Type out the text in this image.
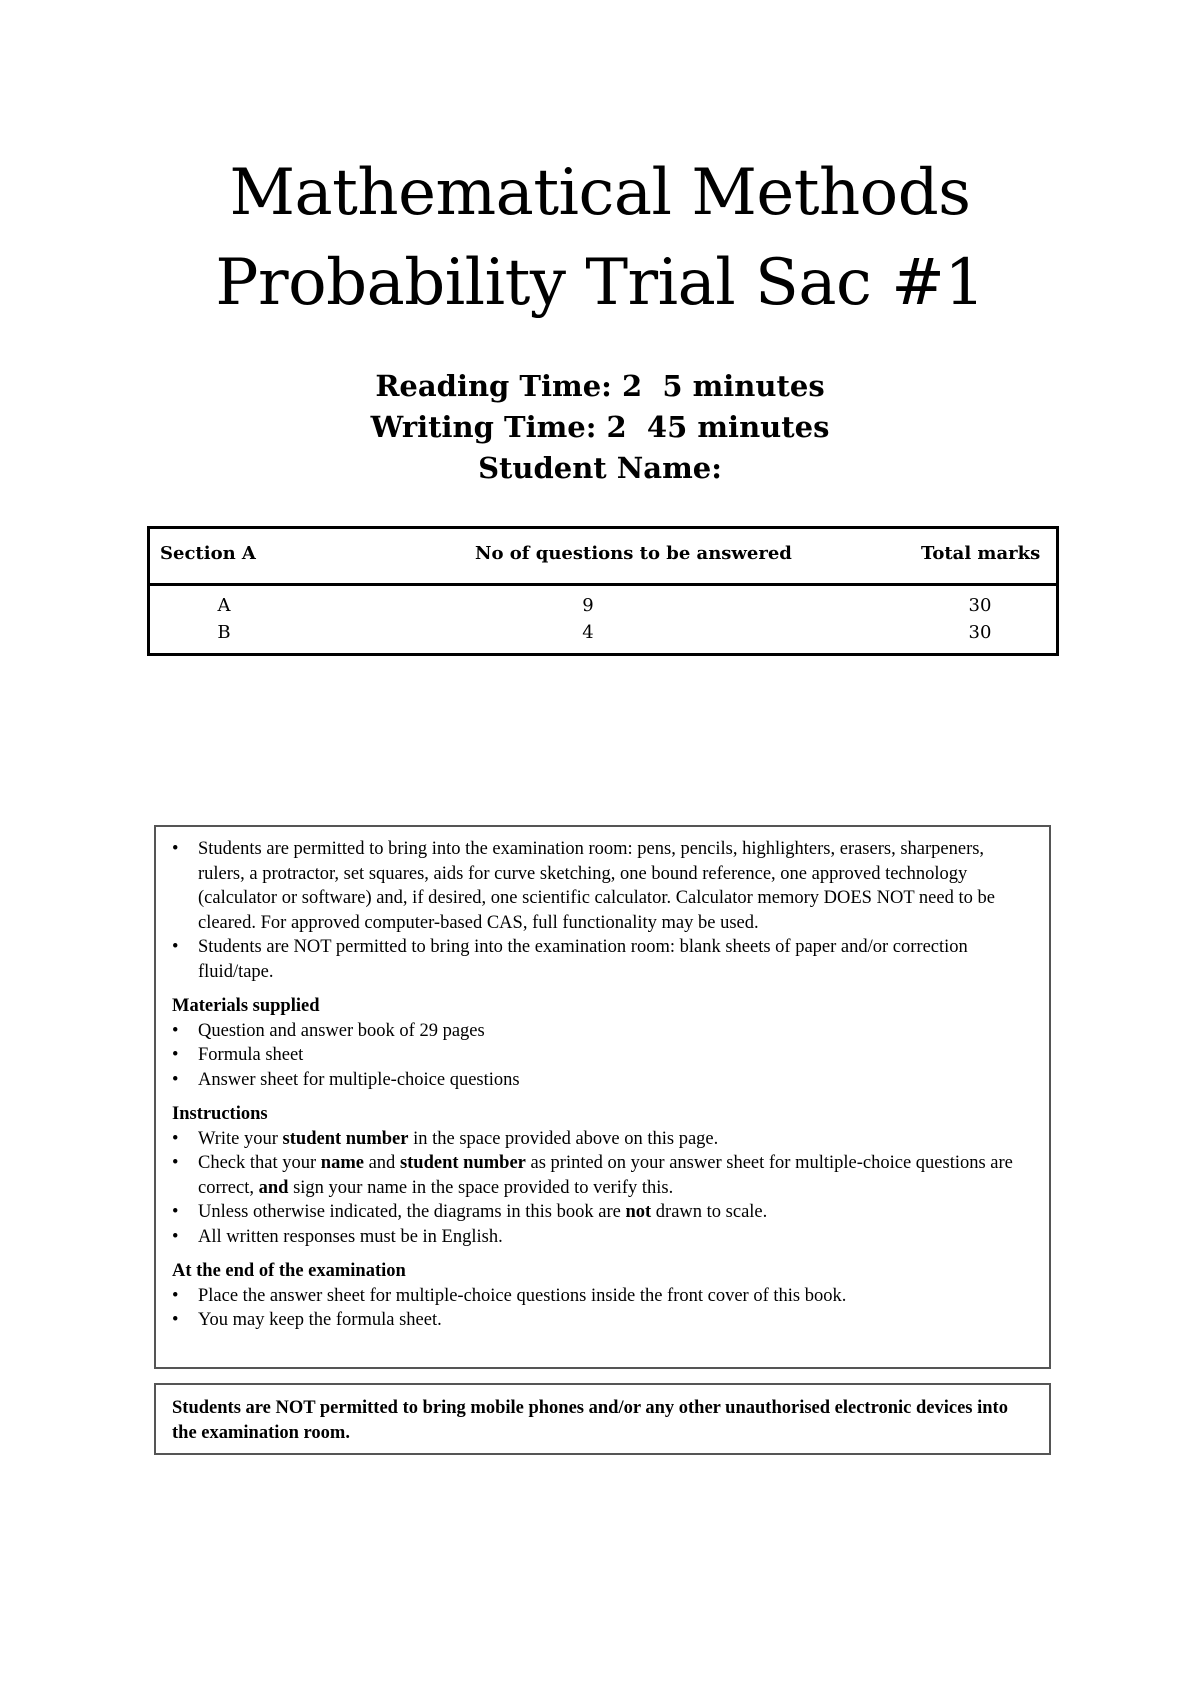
Mathematical Methods
Probability Trial Sac #1
Reading Time: 2  5 minutes
Writing Time: 2  45 minutes
Student Name:
Section A	No of questions to be answered	Total marks
A	9	30
B	4	30
• Students are permitted to bring into the examination room: pens, pencils, highlighters, erasers, sharpeners, rulers, a protractor, set squares, aids for curve sketching, one bound reference, one approved technology (calculator or software) and, if desired, one scientific calculator. Calculator memory DOES NOT need to be cleared. For approved computer-based CAS, full functionality may be used.
• Students are NOT permitted to bring into the examination room: blank sheets of paper and/or correction fluid/tape.
Materials supplied
• Question and answer book of 29 pages
• Formula sheet
• Answer sheet for multiple-choice questions
Instructions
• Write your student number in the space provided above on this page.
• Check that your name and student number as printed on your answer sheet for multiple-choice questions are correct, and sign your name in the space provided to verify this.
• Unless otherwise indicated, the diagrams in this book are not drawn to scale.
• All written responses must be in English.
At the end of the examination
• Place the answer sheet for multiple-choice questions inside the front cover of this book.
• You may keep the formula sheet.
Students are NOT permitted to bring mobile phones and/or any other unauthorised electronic devices into the examination room.
